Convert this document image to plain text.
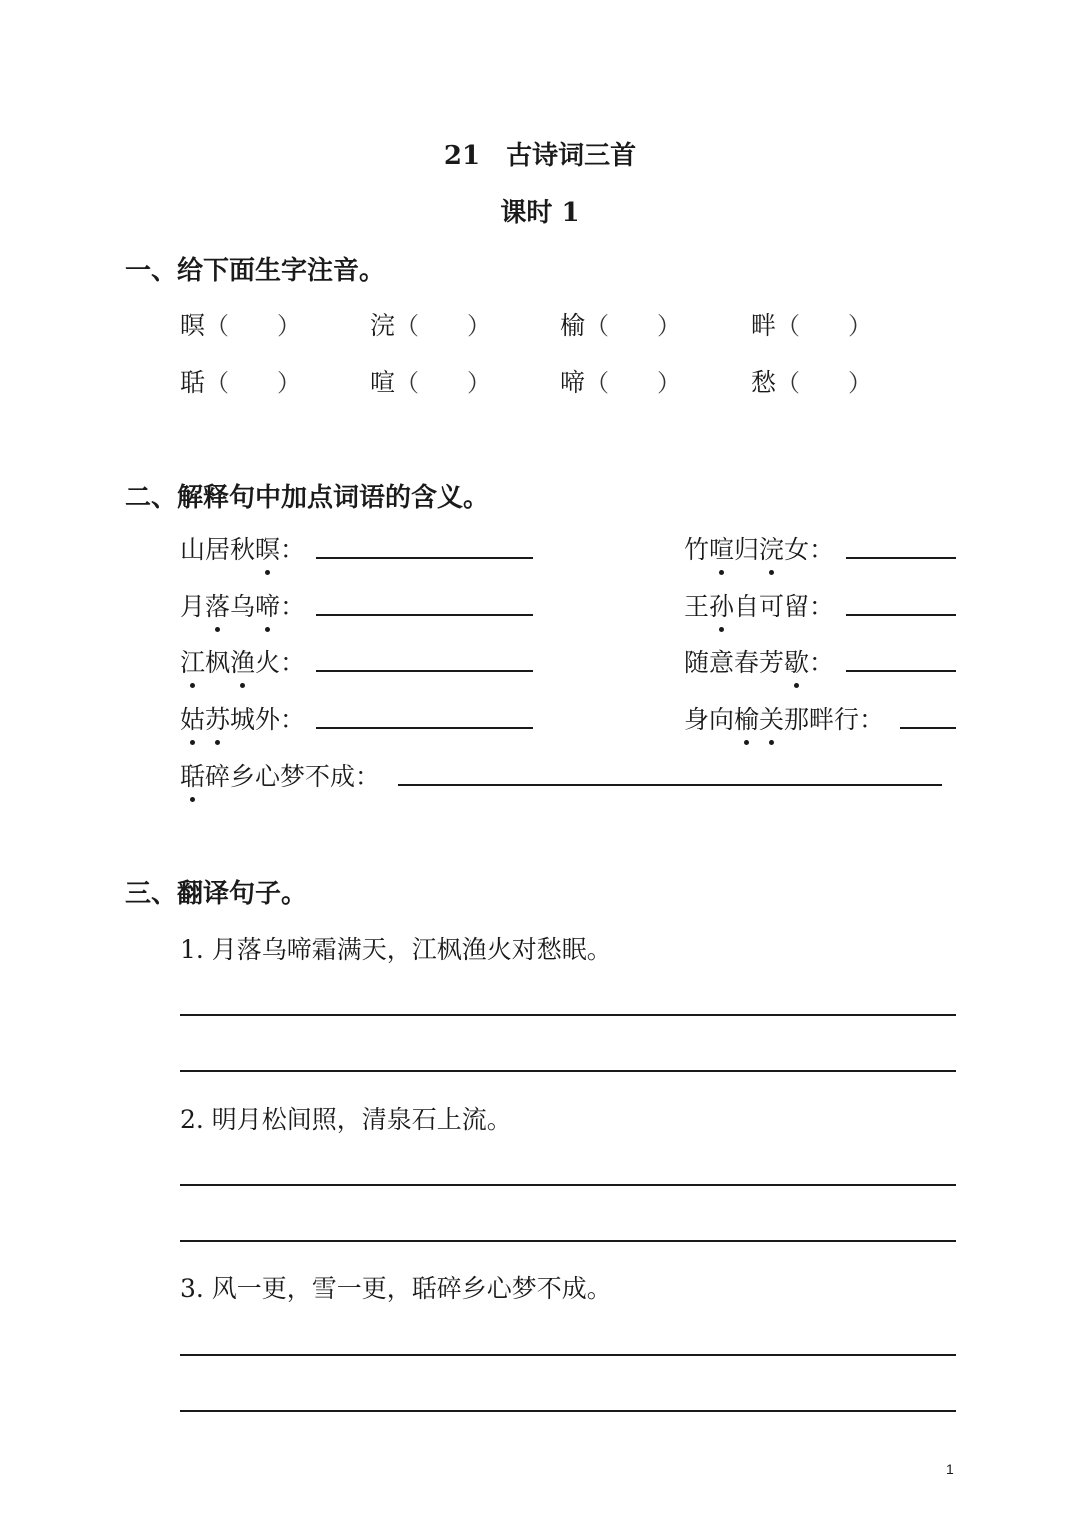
21　古诗词三首
课时 1
一、给下面生字注音。
暝（　　）	浣（　　）	榆（　　）	畔（　　）
聒（　　）	喧（　　）	啼（　　）	愁（　　）
二、解释句中加点词语的含义。
山居秋暝：	竹喧归浣女：
月落乌啼：	王孙自可留：
江枫渔火：	随意春芳歇：
姑苏城外：	身向榆关那畔行：
聒碎乡心梦不成：
三、翻译句子。
1. 月落乌啼霜满天，江枫渔火对愁眠。
2. 明月松间照，清泉石上流。
3. 风一更，雪一更，聒碎乡心梦不成。
1
